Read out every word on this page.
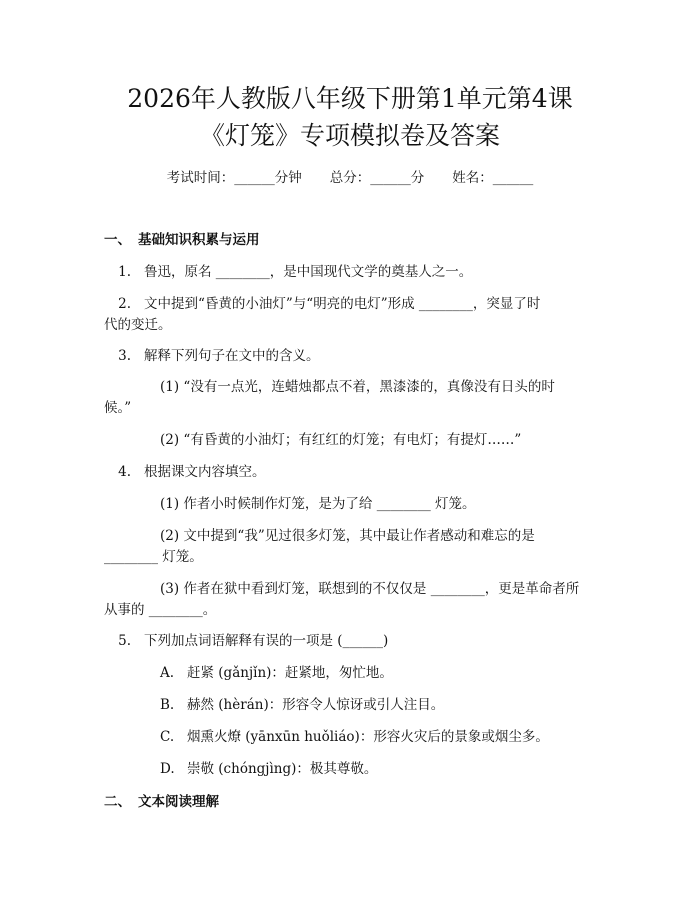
2026年人教版八年级下册第1单元第4课
《灯笼》专项模拟卷及答案
考试时间：______分钟 总分：______分 姓名：______
一、 基础知识积累与运用
1. 鲁迅，原名 ________，是中国现代文学的奠基人之一。
2. 文中提到“昏黄的小油灯”与“明亮的电灯”形成 ________，突显了时
代的变迁。
3. 解释下列句子在文中的含义。
(1) “没有一点光，连蜡烛都点不着，黑漆漆的，真像没有日头的时
候。”
(2) “有昏黄的小油灯；有红红的灯笼；有电灯；有提灯……”
4. 根据课文内容填空。
(1) 作者小时候制作灯笼，是为了给 ________ 灯笼。
(2) 文中提到“我”见过很多灯笼，其中最让作者感动和难忘的是
________ 灯笼。
(3) 作者在狱中看到灯笼，联想到的不仅仅是 ________，更是革命者所
从事的 ________。
5. 下列加点词语解释有误的一项是 (______)
A. 赶紧 (gǎnjǐn)：赶紧地，匆忙地。
B. 赫然 (hèrán)：形容令人惊讶或引人注目。
C. 烟熏火燎 (yānxūn huǒliáo)：形容火灾后的景象或烟尘多。
D. 崇敬 (chóngjìng)：极其尊敬。
二、 文本阅读理解
